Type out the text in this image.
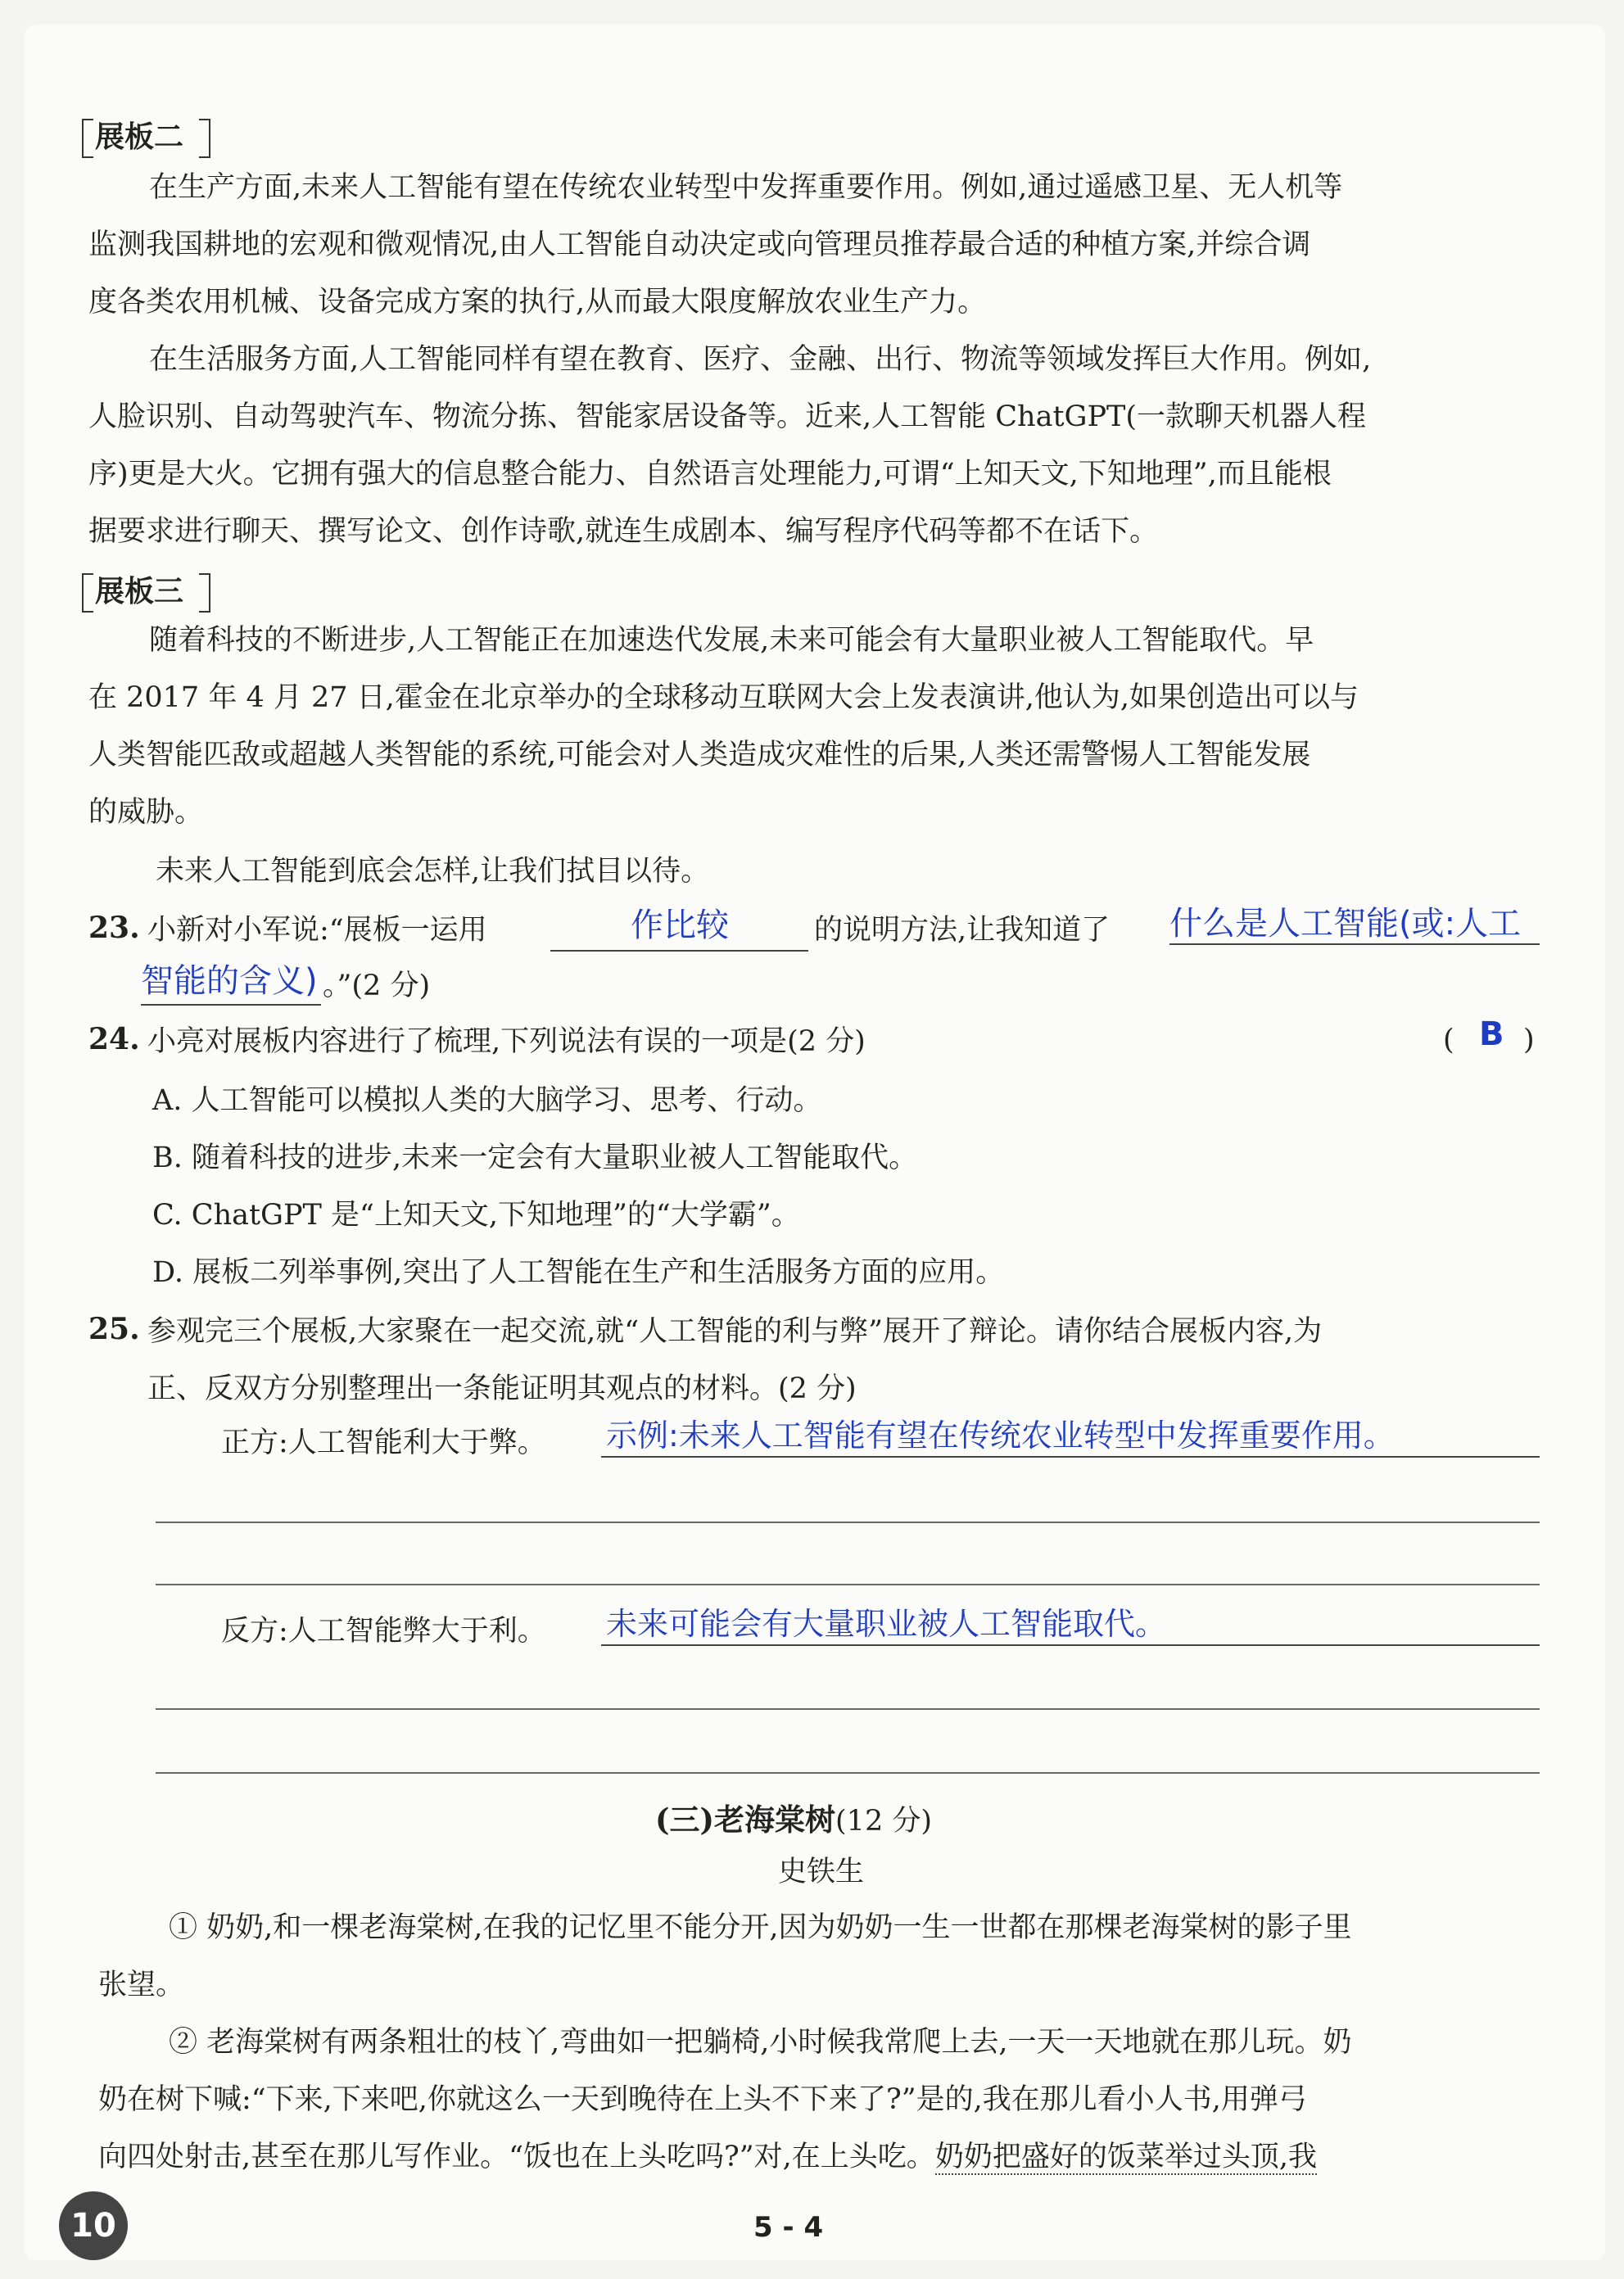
展板二
在生产方面,未来人工智能有望在传统农业转型中发挥重要作用。例如,通过遥感卫星、无人机等
监测我国耕地的宏观和微观情况,由人工智能自动决定或向管理员推荐最合适的种植方案,并综合调
度各类农用机械、设备完成方案的执行,从而最大限度解放农业生产力。
在生活服务方面,人工智能同样有望在教育、医疗、金融、出行、物流等领域发挥巨大作用。例如,
人脸识别、自动驾驶汽车、物流分拣、智能家居设备等。近来,人工智能 ChatGPT(一款聊天机器人程
序)更是大火。它拥有强大的信息整合能力、自然语言处理能力,可谓“上知天文,下知地理”,而且能根
据要求进行聊天、撰写论文、创作诗歌,就连生成剧本、编写程序代码等都不在话下。
展板三
随着科技的不断进步,人工智能正在加速迭代发展,未来可能会有大量职业被人工智能取代。早
在 2017 年 4 月 27 日,霍金在北京举办的全球移动互联网大会上发表演讲,他认为,如果创造出可以与
人类智能匹敌或超越人类智能的系统,可能会对人类造成灾难性的后果,人类还需警惕人工智能发展
的威胁。
未来人工智能到底会怎样,让我们拭目以待。
23. 小新对小军说:“展板一运用	作比较	的说明方法,让我知道了 什么是人工智能(或:人工
智能的含义) 。”(2 分)
24. 小亮对展板内容进行了梳理,下列说法有误的一项是(2 分)	( B )
A. 人工智能可以模拟人类的大脑学习、思考、行动。
B. 随着科技的进步,未来一定会有大量职业被人工智能取代。
C. ChatGPT 是“上知天文,下知地理”的“大学霸”。
D. 展板二列举事例,突出了人工智能在生产和生活服务方面的应用。
25. 参观完三个展板,大家聚在一起交流,就“人工智能的利与弊”展开了辩论。请你结合展板内容,为
正、反双方分别整理出一条能证明其观点的材料。(2 分)
正方:人工智能利大于弊。 示例:未来人工智能有望在传统农业转型中发挥重要作用。
反方:人工智能弊大于利。 未来可能会有大量职业被人工智能取代。
(三)老海棠树(12 分)
史铁生
① 奶奶,和一棵老海棠树,在我的记忆里不能分开,因为奶奶一生一世都在那棵老海棠树的影子里
张望。
② 老海棠树有两条粗壮的枝丫,弯曲如一把躺椅,小时候我常爬上去,一天一天地就在那儿玩。奶
奶在树下喊:“下来,下来吧,你就这么一天到晚待在上头不下来了?”是的,我在那儿看小人书,用弹弓
向四处射击,甚至在那儿写作业。“饭也在上头吃吗?”对,在上头吃。奶奶把盛好的饭菜举过头顶,我
10	5 - 4
